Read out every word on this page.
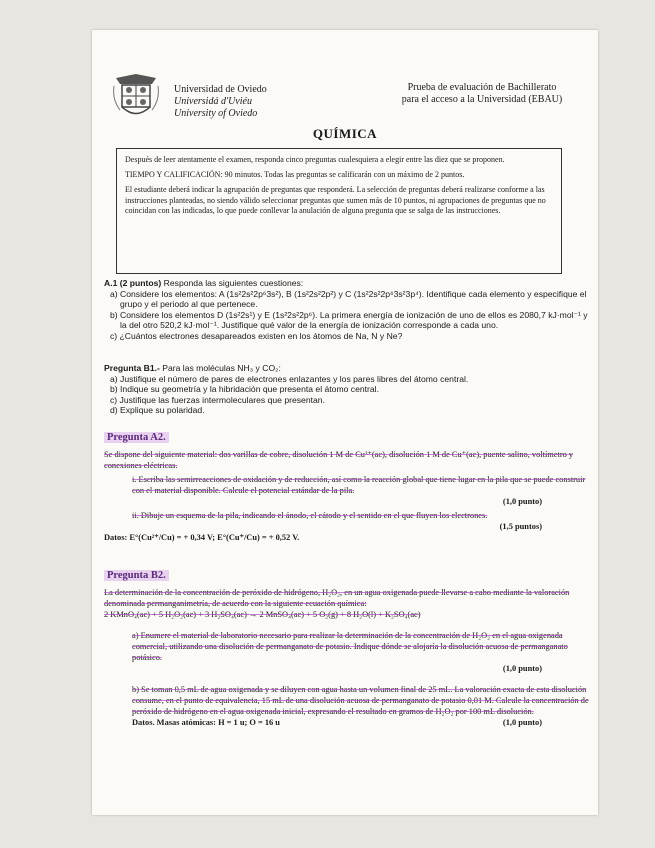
Universidad de Oviedo
Universidá d'Uviéu
University of Oviedo
Prueba de evaluación de Bachillerato
para el acceso a la Universidad (EBAU)
QUÍMICA

Después de leer atentamente el examen, responda cinco preguntas cualesquiera a elegir entre las diez que se proponen.

TIEMPO Y CALIFICACIÓN: 90 minutos. Todas las preguntas se calificarán con un máximo de 2 puntos.

El estudiante deberá indicar la agrupación de preguntas que responderá. La selección de preguntas deberá realizarse conforme a las instrucciones planteadas, no siendo válido seleccionar preguntas que sumen más de 10 puntos, ni agrupaciones de preguntas que no coincidan con las indicadas, lo que puede conllevar la anulación de alguna pregunta que se salga de las instrucciones.

A.1 (2 puntos) Responda las siguientes cuestiones:
a) Considere los elementos: A (1s²2s²2p⁶3s²), B (1s²2s²2p²) y C (1s²2s²2p⁶3s²3p⁴). Identifique cada elemento y especifique el grupo y el periodo al que pertenece.
b) Considere los elementos D (1s²2s¹) y E (1s²2s²2p⁶). La primera energía de ionización de uno de ellos es 2080,7 kJ·mol⁻¹ y la del otro 520,2 kJ·mol⁻¹. Justifique qué valor de la energía de ionización corresponde a cada uno.
c) ¿Cuántos electrones desapareados existen en los átomos de Na, N y Ne?
Pregunta B1.- Para las moléculas NH₃ y CO₂:
a) Justifique el número de pares de electrones enlazantes y los pares libres del átomo central.
b) Indique su geometría y la hibridación que presenta el átomo central.
c) Justifique las fuerzas intermoleculares que presentan.
d) Explique su polaridad.
Pregunta A2.
Se dispone del siguiente material: dos varillas de cobre, disolución 1 M de Cu²⁺(ac), disolución 1 M de Cu⁺(ac), puente salino, voltímetro y conexiones eléctricas.
i. Escriba las semirreacciones de oxidación y de reducción, así como la reacción global que tiene lugar en la pila que se puede construir con el material disponible. Calcule el potencial estándar de la pila.
(1,0 punto)
ii. Dibuje un esquema de la pila, indicando el ánodo, el cátodo y el sentido en el que fluyen los electrones.
(1,5 puntos)
Datos: E°(Cu²⁺/Cu) = + 0,34 V; E°(Cu⁺/Cu) = + 0,52 V.
Pregunta B2.
La determinación de la concentración de peróxido de hidrógeno, H₂O₂, en un agua oxigenada puede llevarse a cabo mediante la valoración denominada permanganimetría, de acuerdo con la siguiente ecuación química:
2 KMnO₄(ac) + 5 H₂O₂(ac) + 3 H₂SO₄(ac) → 2 MnSO₄(ac) + 5 O₂(g) + 8 H₂O(l) + K₂SO₄(ac)
a) Enumere el material de laboratorio necesario para realizar la determinación de la concentración de H₂O₂ en el agua oxigenada comercial, utilizando una disolución de permanganato de potasio. Indique dónde se alojaría la disolución acuosa de permanganato potásico.
(1,0 punto)
b) Se toman 0,5 mL de agua oxigenada y se diluyen con agua hasta un volumen final de 25 mL. La valoración exacta de esta disolución consume, en el punto de equivalencia, 15 mL de una disolución acuosa de permanganato de potasio 0,01 M. Calcule la concentración de peróxido de hidrógeno en el agua oxigenada inicial, expresando el resultado en gramos de H₂O₂ por 100 mL disolución.
Datos. Masas atómicas: H = 1 u; O = 16 u	(1,0 punto)
